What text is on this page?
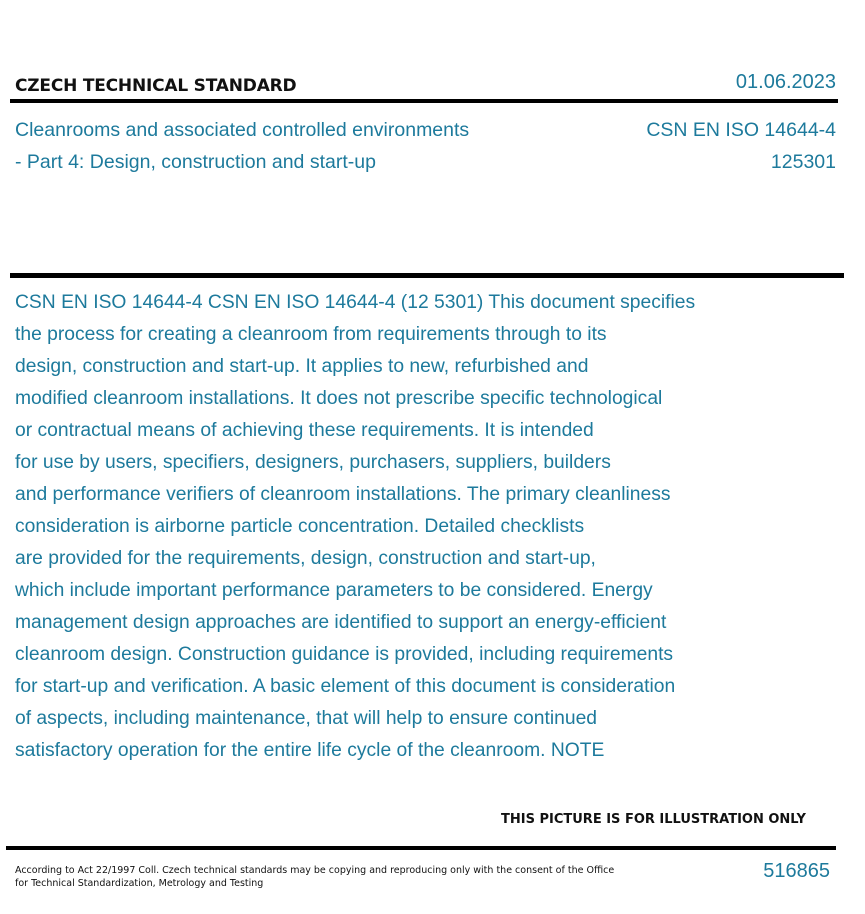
CZECH TECHNICAL STANDARD	01.06.2023
Cleanrooms and associated controlled environments
- Part 4: Design, construction and start-up
CSN EN ISO 14644-4
125301

CSN EN ISO 14644-4 CSN EN ISO 14644-4 (12 5301) This document specifies
the process for creating a cleanroom from requirements through to its
design, construction and start-up. It applies to new, refurbished and
modified cleanroom installations. It does not prescribe specific technological
or contractual means of achieving these requirements. It is intended
for use by users, specifiers, designers, purchasers, suppliers, builders
and performance verifiers of cleanroom installations. The primary cleanliness
consideration is airborne particle concentration. Detailed checklists
are provided for the requirements, design, construction and start-up,
which include important performance parameters to be considered. Energy
management design approaches are identified to support an energy-efficient
cleanroom design. Construction guidance is provided, including requirements
for start-up and verification. A basic element of this document is consideration
of aspects, including maintenance, that will help to ensure continued
satisfactory operation for the entire life cycle of the cleanroom. NOTE

THIS PICTURE IS FOR ILLUSTRATION ONLY
According to Act 22/1997 Coll. Czech technical standards may be copying and reproducing only with the consent of the Office
for Technical Standardization, Metrology and Testing
516865
